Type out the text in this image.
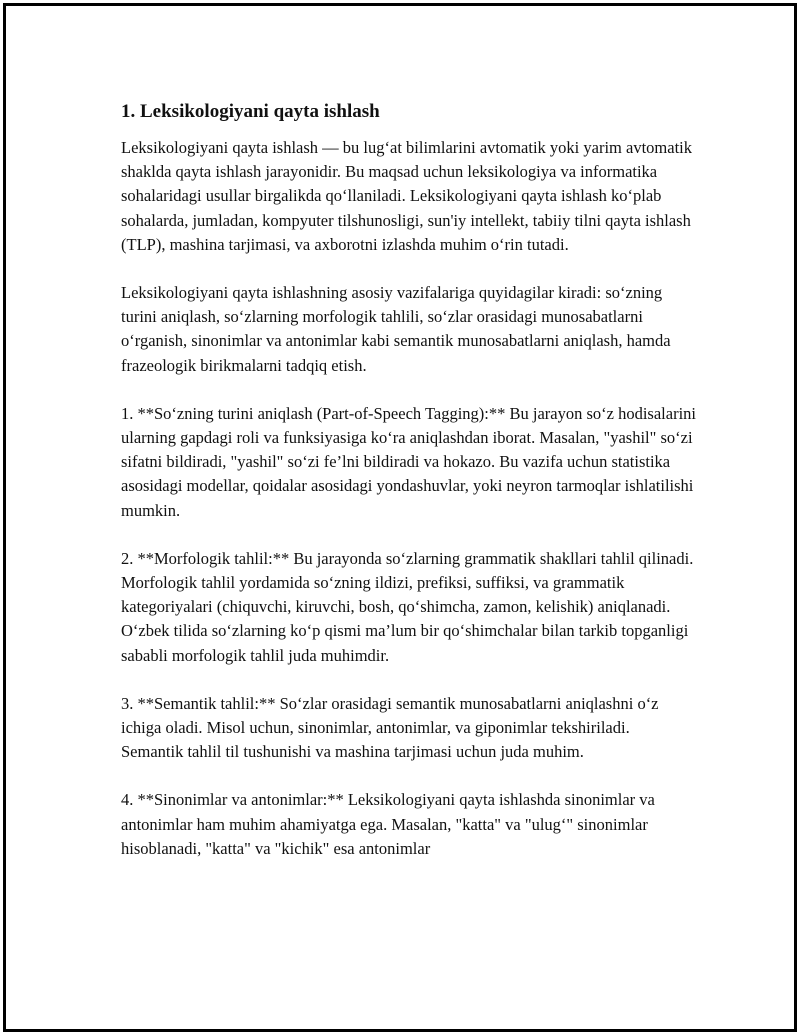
1. Leksikologiyani qayta ishlash

Leksikologiyani qayta ishlash — bu lug‘at bilimlarini avtomatik yoki yarim avtomatik shaklda qayta ishlash jarayonidir. Bu maqsad uchun leksikologiya va informatika sohalaridagi usullar birgalikda qo‘llaniladi. Leksikologiyani qayta ishlash ko‘plab sohalarda, jumladan, kompyuter tilshunosligi, sun'iy intellekt, tabiiy tilni qayta ishlash (TLP), mashina tarjimasi, va axborotni izlashda muhim o‘rin tutadi.

Leksikologiyani qayta ishlashning asosiy vazifalariga quyidagilar kiradi: so‘zning turini aniqlash, so‘zlarning morfologik tahlili, so‘zlar orasidagi munosabatlarni o‘rganish, sinonimlar va antonimlar kabi semantik munosabatlarni aniqlash, hamda frazeologik birikmalarni tadqiq etish.

1. **So‘zning turini aniqlash (Part-of-Speech Tagging):** Bu jarayon so‘z hodisalarini ularning gapdagi roli va funksiyasiga ko‘ra aniqlashdan iborat. Masalan, "yashil" so‘zi sifatni bildiradi, "yashil" so‘zi fe’lni bildiradi va hokazo. Bu vazifa uchun statistika asosidagi modellar, qoidalar asosidagi yondashuvlar, yoki neyron tarmoqlar ishlatilishi mumkin.

2. **Morfologik tahlil:** Bu jarayonda so‘zlarning grammatik shakllari tahlil qilinadi. Morfologik tahlil yordamida so‘zning ildizi, prefiksi, suffiksi, va grammatik kategoriyalari (chiquvchi, kiruvchi, bosh, qo‘shimcha, zamon, kelishik) aniqlanadi. O‘zbek tilida so‘zlarning ko‘p qismi ma’lum bir qo‘shimchalar bilan tarkib topganligi sababli morfologik tahlil juda muhimdir.

3. **Semantik tahlil:** So‘zlar orasidagi semantik munosabatlarni aniqlashni o‘z ichiga oladi. Misol uchun, sinonimlar, antonimlar, va giponimlar tekshiriladi. Semantik tahlil til tushunishi va mashina tarjimasi uchun juda muhim.

4. **Sinonimlar va antonimlar:** Leksikologiyani qayta ishlashda sinonimlar va antonimlar ham muhim ahamiyatga ega. Masalan, "katta" va "ulug‘" sinonimlar hisoblanadi, "katta" va "kichik" esa antonimlar
